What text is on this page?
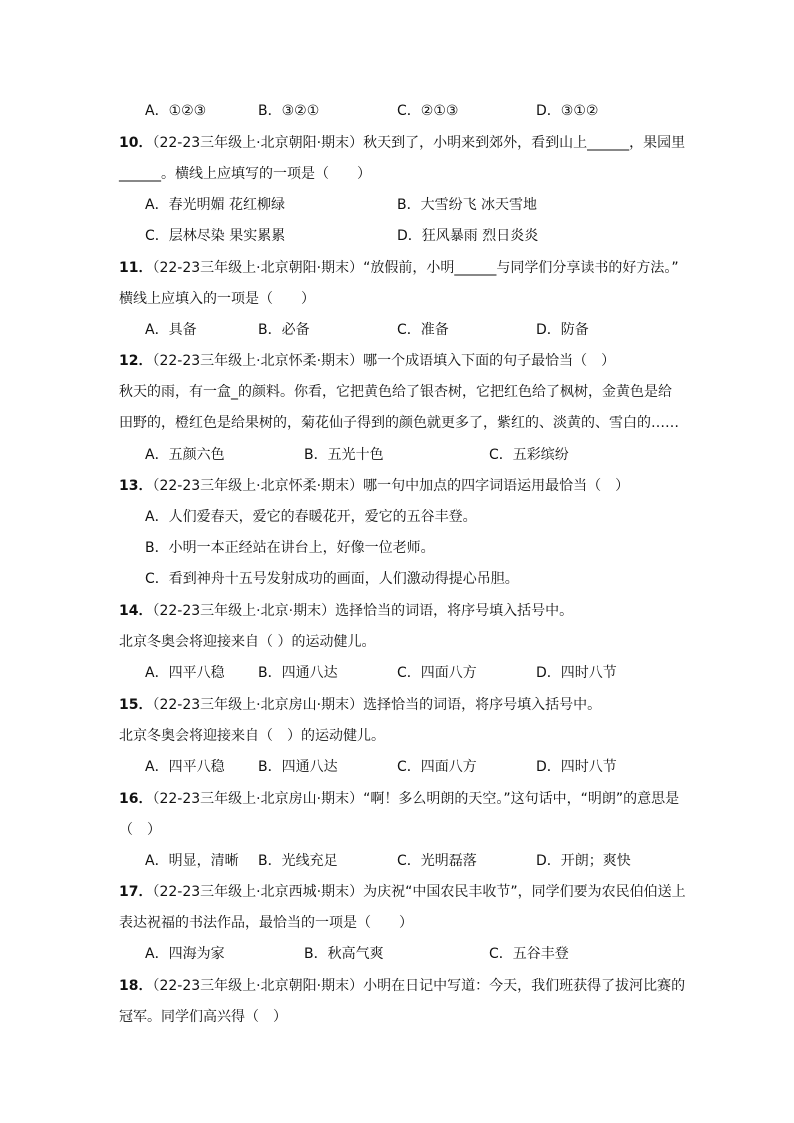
A．①②③	B．③②①	C．②①③	D．③①②
10．（22-23三年级上·北京朝阳·期末）秋天到了，小明来到郊外，看到山上______，果园里
______。横线上应填写的一项是（　　）
A．春光明媚 花红柳绿	B．大雪纷飞 冰天雪地
C．层林尽染 果实累累	D．狂风暴雨 烈日炎炎
11．（22-23三年级上·北京朝阳·期末）“放假前，小明______与同学们分享读书的好方法。”
横线上应填入的一项是（　　）
A．具备	B．必备	C．准备	D．防备
12．（22-23三年级上·北京怀柔·期末）哪一个成语填入下面的句子最恰当（　）
秋天的雨，有一盒_的颜料。你看，它把黄色给了银杏树，它把红色给了枫树，金黄色是给
田野的，橙红色是给果树的，菊花仙子得到的颜色就更多了，紫红的、淡黄的、雪白的……
A．五颜六色	B．五光十色	C．五彩缤纷
13．（22-23三年级上·北京怀柔·期末）哪一句中加点的四字词语运用最恰当（　）
A．人们爱春天，爱它的春暖花开，爱它的五谷丰登。
B．小明一本正经站在讲台上，好像一位老师。
C．看到神舟十五号发射成功的画面，人们激动得提心吊胆。
14．（22-23三年级上·北京·期末）选择恰当的词语，将序号填入括号中。
北京冬奥会将迎接来自（ ）的运动健儿。
A．四平八稳 B．四通八达	C．四面八方	D．四时八节
15．（22-23三年级上·北京房山·期末）选择恰当的词语，将序号填入括号中。
北京冬奥会将迎接来自（　）的运动健儿。
A．四平八稳 B．四通八达	C．四面八方	D．四时八节
16．（22-23三年级上·北京房山·期末）“啊！多么明朗的天空。”这句话中，“明朗”的意思是
（　）
A．明显，清晰 B．光线充足	C．光明磊落	D．开朗；爽快
17．（22-23三年级上·北京西城·期末）为庆祝“中国农民丰收节”，同学们要为农民伯伯送上
表达祝福的书法作品，最恰当的一项是（　　）
A．四海为家	B．秋高气爽	C．五谷丰登
18．（22-23三年级上·北京朝阳·期末）小明在日记中写道：今天，我们班获得了拔河比赛的
冠军。同学们高兴得（　）
